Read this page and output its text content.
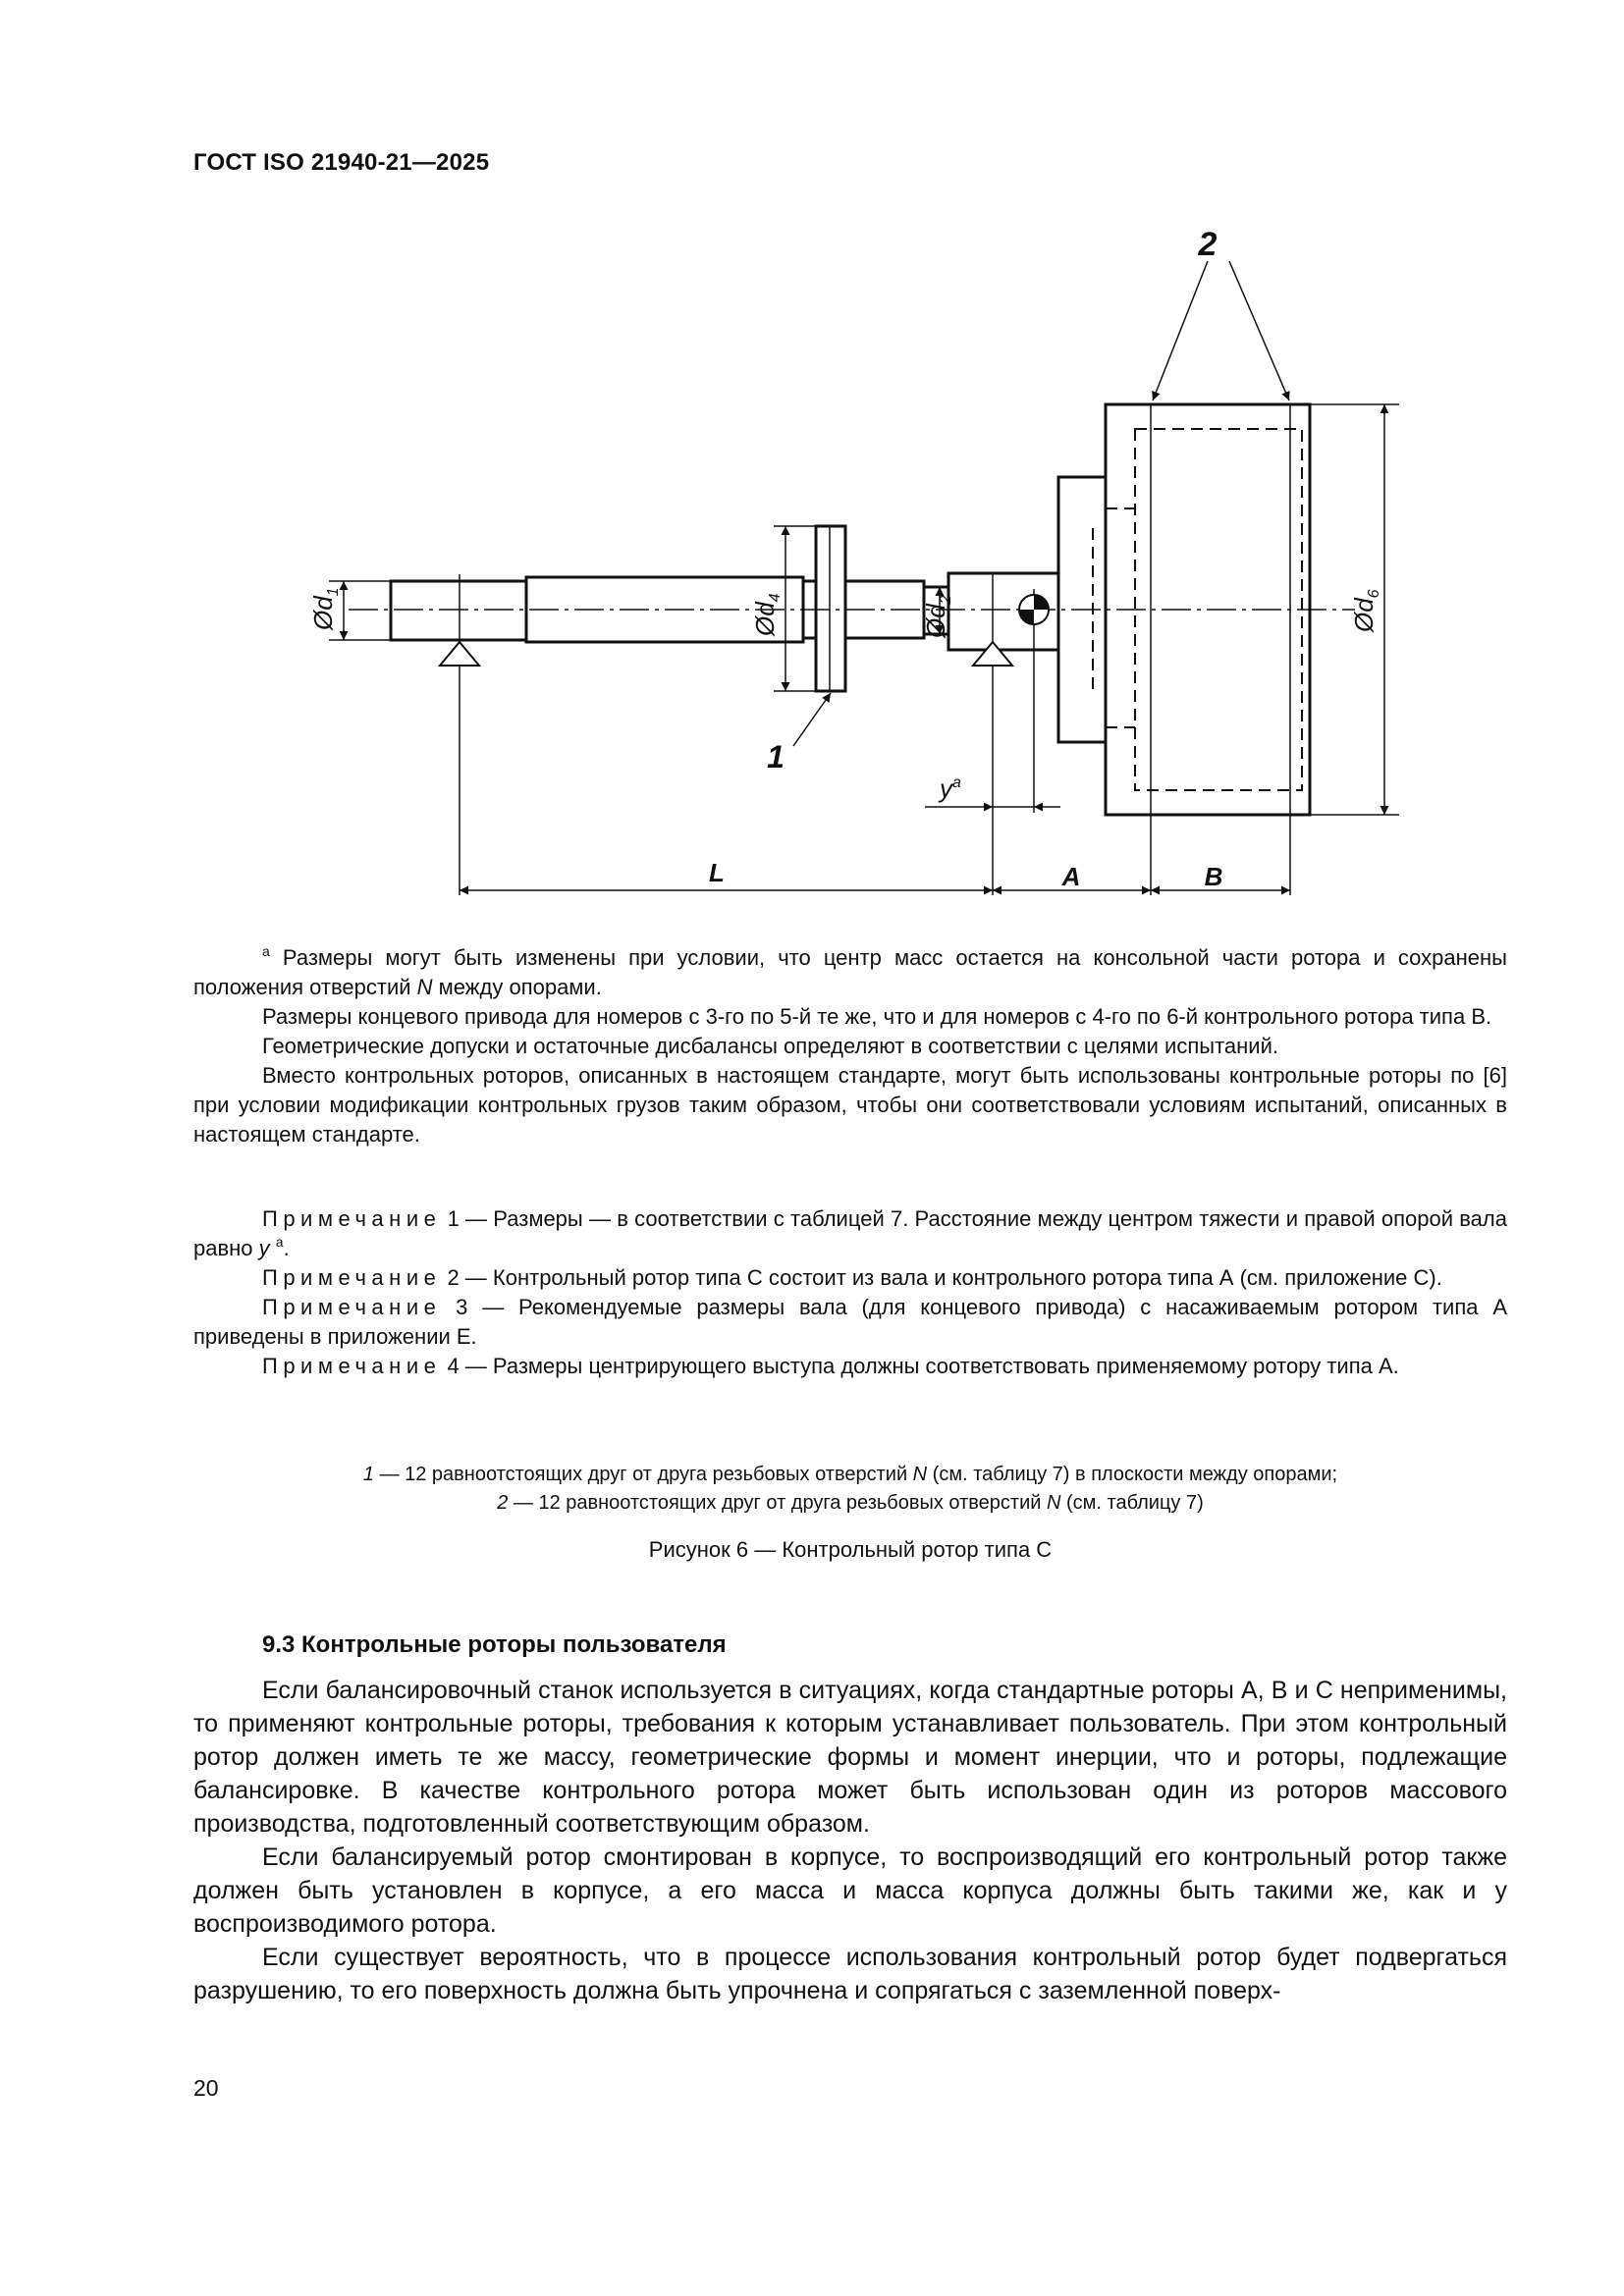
ГОСТ ISO 21940-21—2025
2
1
L	A	B
$y^a$
$Ød_1$
$Ød_4$
$Ød_2$	$Ød_6$

$^a$ Размеры могут быть изменены при условии, что центр масс остается на консольной части ротора и сохранены положения отверстий N между опорами.

Размеры концевого привода для номеров с 3-го по 5-й те же, что и для номеров с 4-го по 6-й контрольного ротора типа В.

Геометрические допуски и остаточные дисбалансы определяют в соответствии с целями испытаний.

Вместо контрольных роторов, описанных в настоящем стандарте, могут быть использованы контрольные роторы по [6] при условии модификации контрольных грузов таким образом, чтобы они соответствовали условиям испытаний, описанных в настоящем стандарте.

Примечание 1 — Размеры — в соответствии с таблицей 7. Расстояние между центром тяжести и правой опорой вала равно y $^a$.

Примечание 2 — Контрольный ротор типа С состоит из вала и контрольного ротора типа А (см. приложение С).

Примечание 3 — Рекомендуемые размеры вала (для концевого привода) с насаживаемым ротором типа А приведены в приложении Е.

Примечание 4 — Размеры центрирующего выступа должны соответствовать применяемому ротору типа А.

1 — 12 равноотстоящих друг от друга резьбовых отверстий N (см. таблицу 7) в плоскости между опорами;
2 — 12 равноотстоящих друг от друга резьбовых отверстий N (см. таблицу 7)
Рисунок 6 — Контрольный ротор типа С
9.3 Контрольные роторы пользователя

Если балансировочный станок используется в ситуациях, когда стандартные роторы А, В и С неприменимы, то применяют контрольные роторы, требования к которым устанавливает пользователь. При этом контрольный ротор должен иметь те же массу, геометрические формы и момент инерции, что и роторы, подлежащие балансировке. В качестве контрольного ротора может быть использован один из роторов массового производства, подготовленный соответствующим образом.

Если балансируемый ротор смонтирован в корпусе, то воспроизводящий его контрольный ротор также должен быть установлен в корпусе, а его масса и масса корпуса должны быть такими же, как и у воспроизводимого ротора.

Если существует вероятность, что в процессе использования контрольный ротор будет подвергаться разрушению, то его поверхность должна быть упрочнена и сопрягаться с заземленной поверх-

20
